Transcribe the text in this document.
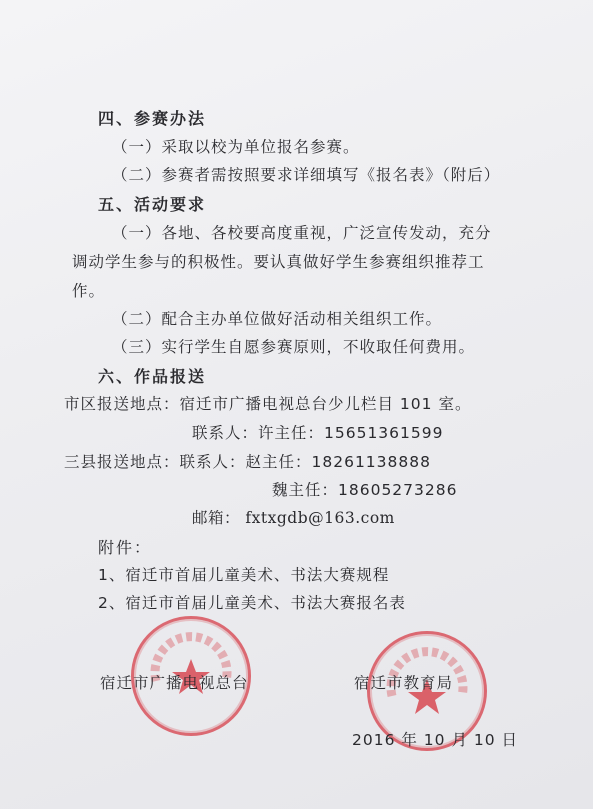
四、参赛办法
（一）采取以校为单位报名参赛。
（二）参赛者需按照要求详细填写《报名表》（附后）
五、活动要求
（一）各地、各校要高度重视，广泛宣传发动，充分
调动学生参与的积极性。要认真做好学生参赛组织推荐工
作。
（二）配合主办单位做好活动相关组织工作。
（三）实行学生自愿参赛原则，不收取任何费用。
六、作品报送
市区报送地点：宿迁市广播电视总台少儿栏目 101 室。
联系人：许主任：15651361599
三县报送地点：联系人：赵主任：18261138888
魏主任：18605273286
邮箱： fxtxgdb@163.com
附件：
1、宿迁市首届儿童美术、书法大赛规程
2、宿迁市首届儿童美术、书法大赛报名表
宿迁市广播电视总台	宿迁市教育局
2016 年 10 月 10 日
